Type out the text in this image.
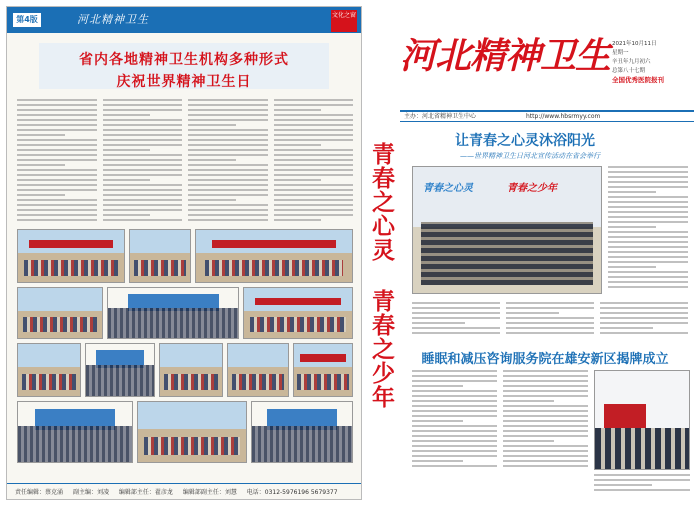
第4版	河北精神卫生	文化之窗
省内各地精神卫生机构多种形式
庆祝世界精神卫生日
责任编辑：蔡克涌 副主编：刘凌 编辑部主任：翟彦龙 编辑部副主任：刘慧 电话：0312-5976196 5679377
青春之心灵 青春之少年
河北精神卫生 2021年10月11日
星期一
辛丑年九月初六
总第八十七期
全国优秀医院报刊
主办：河北省精神卫生中心	http://www.hbsrmyy.com
让青春之心灵沐浴阳光
——世界精神卫生日河北宣传活动在省会举行
青春之心灵	青春之少年
睡眠和减压咨询服务院在雄安新区揭牌成立
